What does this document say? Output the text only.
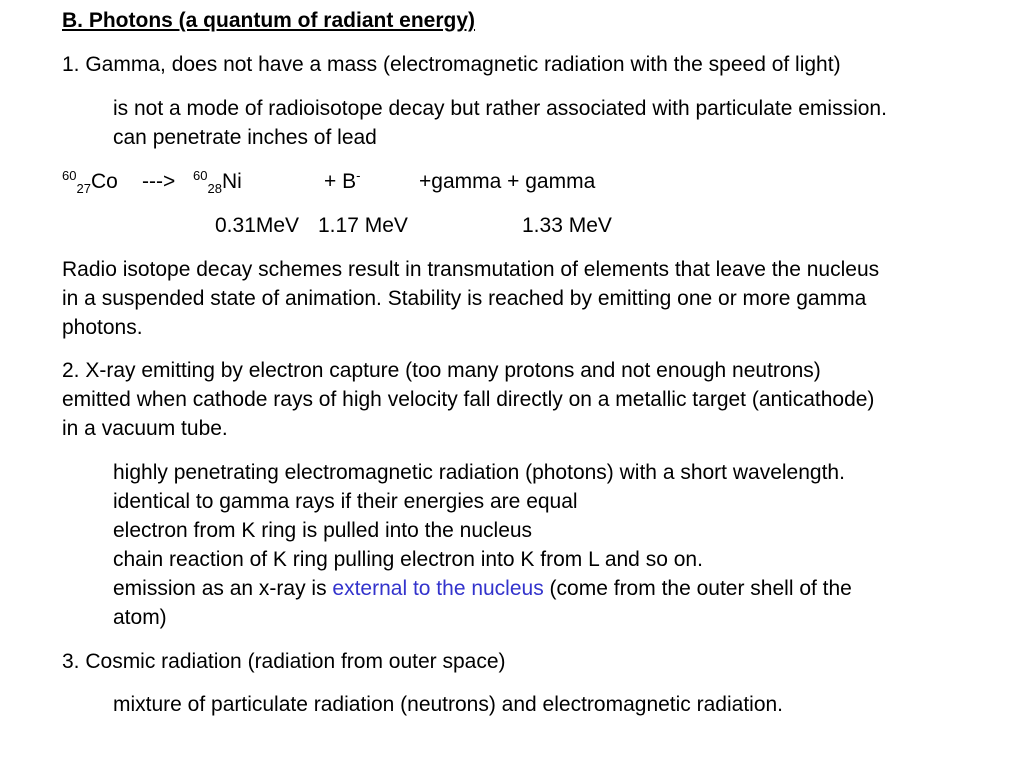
B. Photons (a quantum of radiant energy)
1. Gamma, does not have a mass (electromagnetic radiation with the speed of light)
is not a mode of radioisotope decay but rather associated with particulate emission.
can penetrate inches of lead
$^{60}_{27}$Co ---> $^{60}_{28}$Ni	+ B-	+gamma + gamma
0.31MeV 1.17 MeV	1.33 MeV
Radio isotope decay schemes result in transmutation of elements that leave the nucleus
in a suspended state of animation. Stability is reached by emitting one or more gamma
photons.
2. X-ray emitting by electron capture (too many protons and not enough neutrons)
emitted when cathode rays of high velocity fall directly on a metallic target (anticathode)
in a vacuum tube.
highly penetrating electromagnetic radiation (photons) with a short wavelength.
identical to gamma rays if their energies are equal
electron from K ring is pulled into the nucleus
chain reaction of K ring pulling electron into K from L and so on.
emission as an x-ray is external to the nucleus (come from the outer shell of the
atom)
3. Cosmic radiation (radiation from outer space)
mixture of particulate radiation (neutrons) and electromagnetic radiation.
